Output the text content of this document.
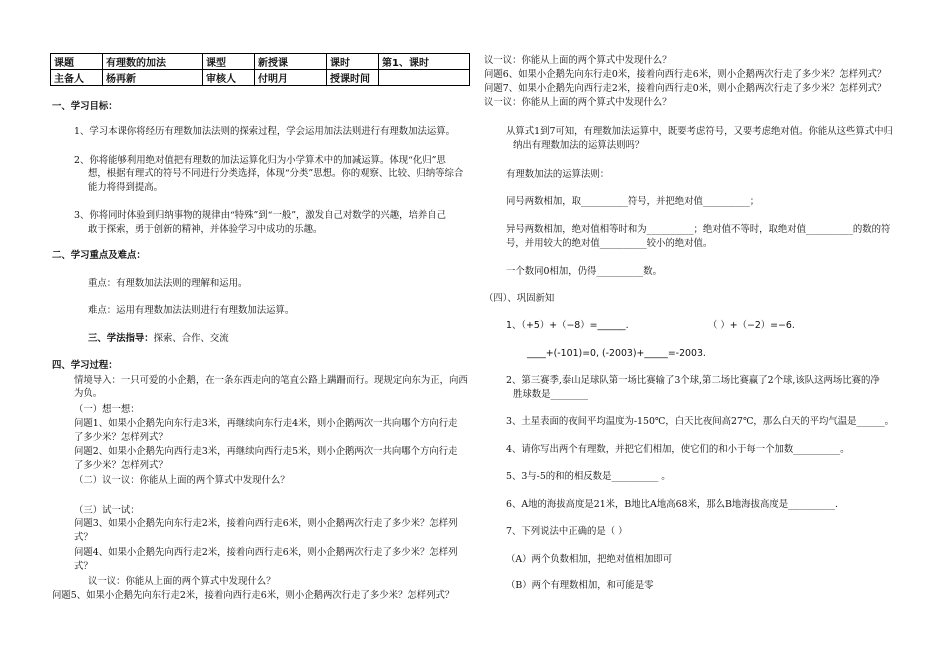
课题	有理数的加法	课型	新授课	课时	第1、课时
主备人	杨再新	审核人	付明月	授课时间	
一、学习目标：
1、学习本课你将经历有理数加法法则的探索过程，学会运用加法法则进行有理数加法运算。
2、你将能够利用绝对值把有理数的加法运算化归为小学算术中的加减运算。体现“化归”思
想，根据有理式的符号不同进行分类选择，体现“分类”思想。你的观察、比较、归纳等综合
能力将得到提高。
3、你将同时体验到归纳事物的规律由“特殊”到“一般”，激发自己对数学的兴趣，培养自己
敢于探索，勇于创新的精神，并体验学习中成功的乐趣。
二、学习重点及难点：
重点：有理数加法法则的理解和运用。
难点：运用有理数加法法则进行有理数加法运算。
三、学法指导：探索、合作、交流
四、学习过程：
情境导入：一只可爱的小企鹅，在一条东西走向的笔直公路上蹒跚而行。现规定向东为正，向西
为负。
（一）想一想：
问题1、如果小企鹅先向东行走3米，再继续向东行走4米，则小企鹅两次一共向哪个方向行走
了多少米？怎样列式？
问题2、如果小企鹅先向西行走3米，再继续向西行走5米，则小企鹅两次一共向哪个方向行走
了多少米？怎样列式？
（二）议一议：你能从上面的两个算式中发现什么？
（三）试一试：
问题3、如果小企鹅先向东行走2米，接着向西行走6米，则小企鹅两次行走了多少米？怎样列
式？
问题4、如果小企鹅先向西行走2米，接着向西行走6米，则小企鹅两次行走了多少米？怎样列
式？
议一议：你能从上面的两个算式中发现什么？
问题5、如果小企鹅先向东行走2米，接着向西行走6米，则小企鹅两次行走了多少米？怎样列式？
议一议：你能从上面的两个算式中发现什么？
问题6、如果小企鹅先向东行走0米，接着向西行走6米，则小企鹅两次行走了多少米？怎样列式？
问题7、如果小企鹅先向西行走2米，接着向西行走0米，则小企鹅两次行走了多少米？怎样列式？
议一议：你能从上面的两个算式中发现什么？
从算式1到7可知，有理数加法运算中，既要考虑符号，又要考虑绝对值。你能从这些算式中归
纳出有理数加法的运算法则吗？
有理数加法的运算法则：
同号两数相加，取__________符号，并把绝对值__________；
异号两数相加，绝对值相等时和为__________；绝对值不等时，取绝对值__________的数的符
号，并用较大的绝对值__________较小的绝对值。
一个数同0相加，仍得__________数。
（四）、巩固新知
1、（+5）+（−8）=______.	（ ）+（−2）=−6.
____+(-101)=0, (-2003)+_____=-2003.
2、第三赛季,泰山足球队第一场比赛输了3个球,第二场比赛赢了2个球,该队这两场比赛的净
胜球数是________
3、土星表面的夜间平均温度为-150℃，白天比夜间高27℃，那么白天的平均气温是______。
4、请你写出两个有理数，并把它们相加，使它们的和小于每一个加数__________。
5、3与-5的和的相反数是__________ 。
6、A地的海拔高度是21米，B地比A地高68米，那么B地海拔高度是__________.
7、下列说法中正确的是（ ）
（A）两个负数相加，把绝对值相加即可
（B）两个有理数相加，和可能是零
